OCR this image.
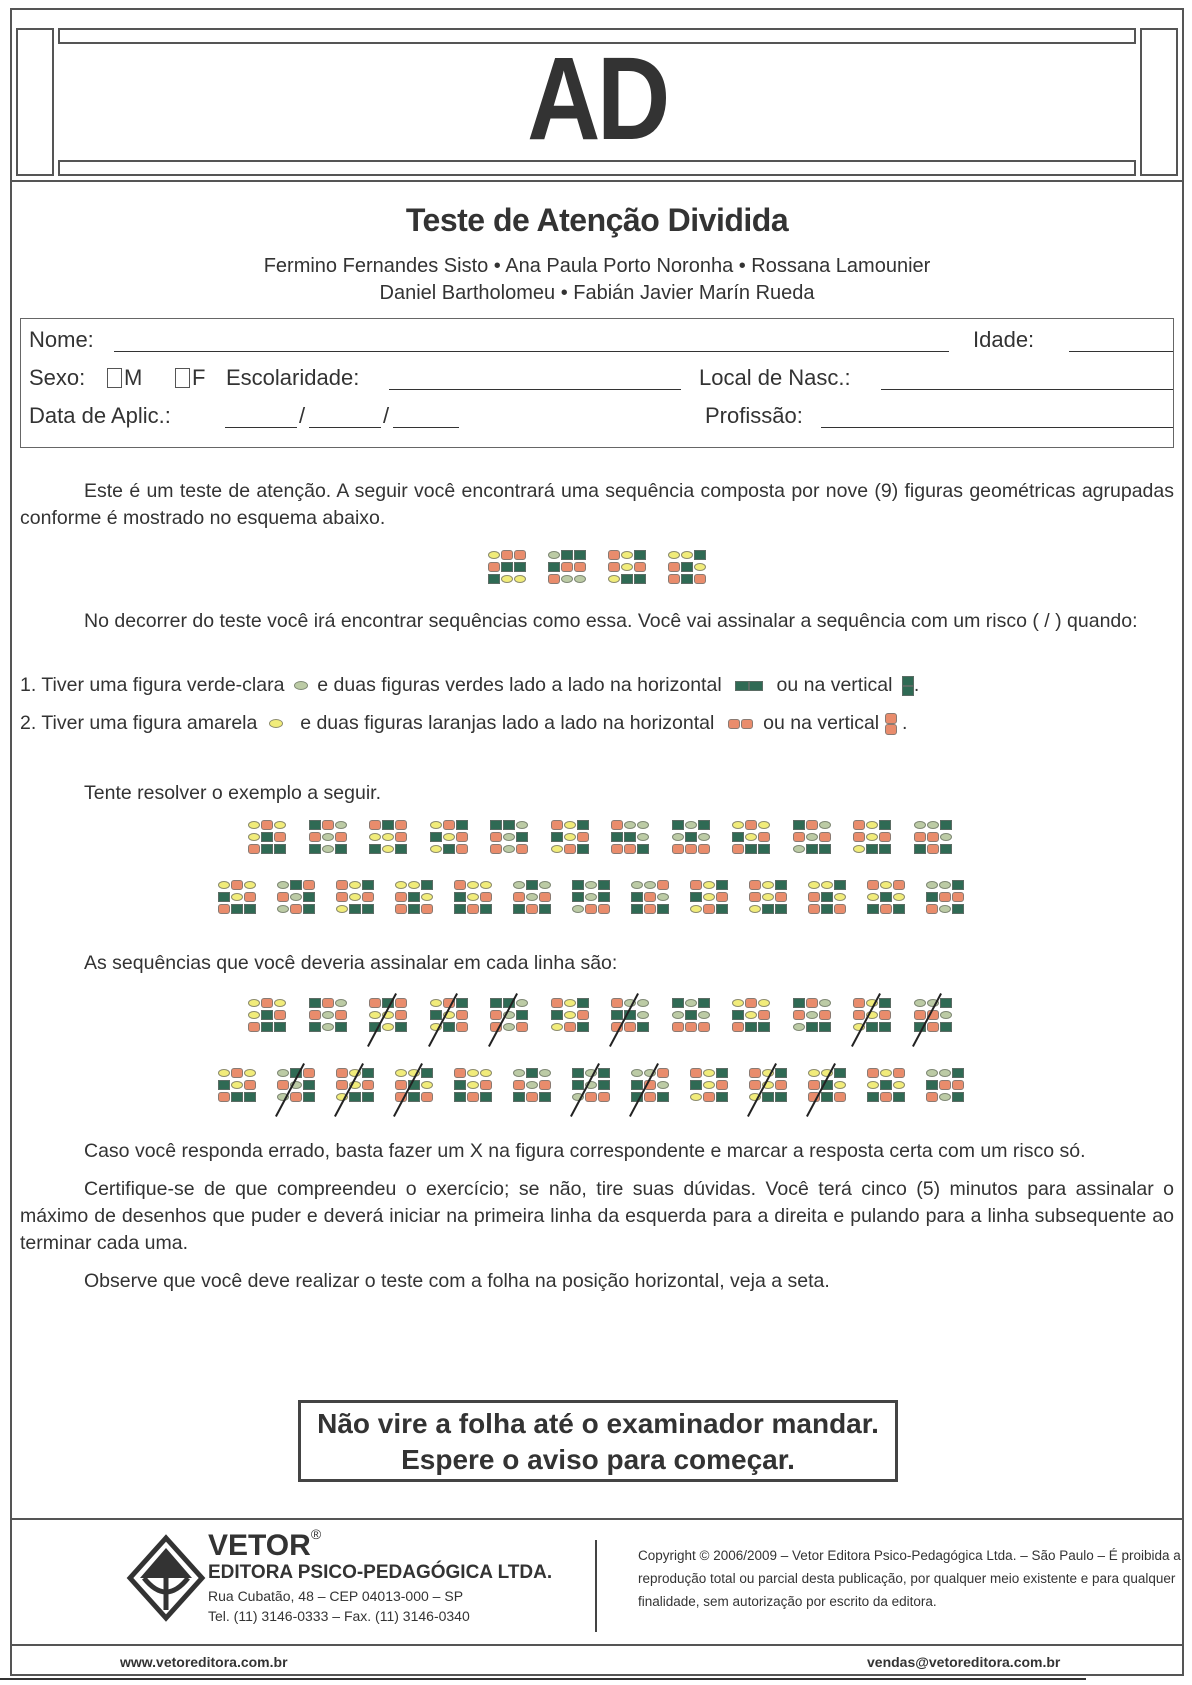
AD
Teste de Atenção Dividida
Fermino Fernandes Sisto • Ana Paula Porto Noronha • Rossana Lamounier
Daniel Bartholomeu • Fabián Javier Marín Rueda
Nome:	Idade:
Sexo:	M	F Escolaridade:	Local de Nasc.:
Data de Aplic.:	/	/	Profissão:
Este é um teste de atenção. A seguir você encontrará uma sequência composta por nove (9) figuras geométricas agrupadas conforme é mostrado no esquema abaixo.
No decorrer do teste você irá encontrar sequências como essa. Você vai assinalar a sequência com um risco ( / ) quando:
1. Tiver uma figura verde-clara e duas figuras verdes lado a lado na horizontal	ou na vertical .
2. Tiver uma figura amarela e duas figuras laranjas lado a lado na horizontal	ou na vertical .
Tente resolver o exemplo a seguir.
As sequências que você deveria assinalar em cada linha são:
Caso você responda errado, basta fazer um X na figura correspondente e marcar a resposta certa com um risco só.
Certifique-se de que compreendeu o exercício; se não, tire suas dúvidas. Você terá cinco (5) minutos para assinalar o máximo de desenhos que puder e deverá iniciar na primeira linha da esquerda para a direita e pulando para a linha subsequente ao terminar cada uma.
Observe que você deve realizar o teste com a folha na posição horizontal, veja a seta.
Não vire a folha até o examinador mandar.
Espere o aviso para começar.
VETOR®
EDITORA PSICO-PEDAGÓGICA LTDA.
Rua Cubatão, 48 – CEP 04013-000 – SP
Tel. (11) 3146-0333 – Fax. (11) 3146-0340
Copyright © 2006/2009 – Vetor Editora Psico-Pedagógica Ltda. – São Paulo – É proibida a reprodução total ou parcial desta publicação, por qualquer meio existente e para qualquer finalidade, sem autorização por escrito da editora.
www.vetoreditora.com.br	vendas@vetoreditora.com.br
